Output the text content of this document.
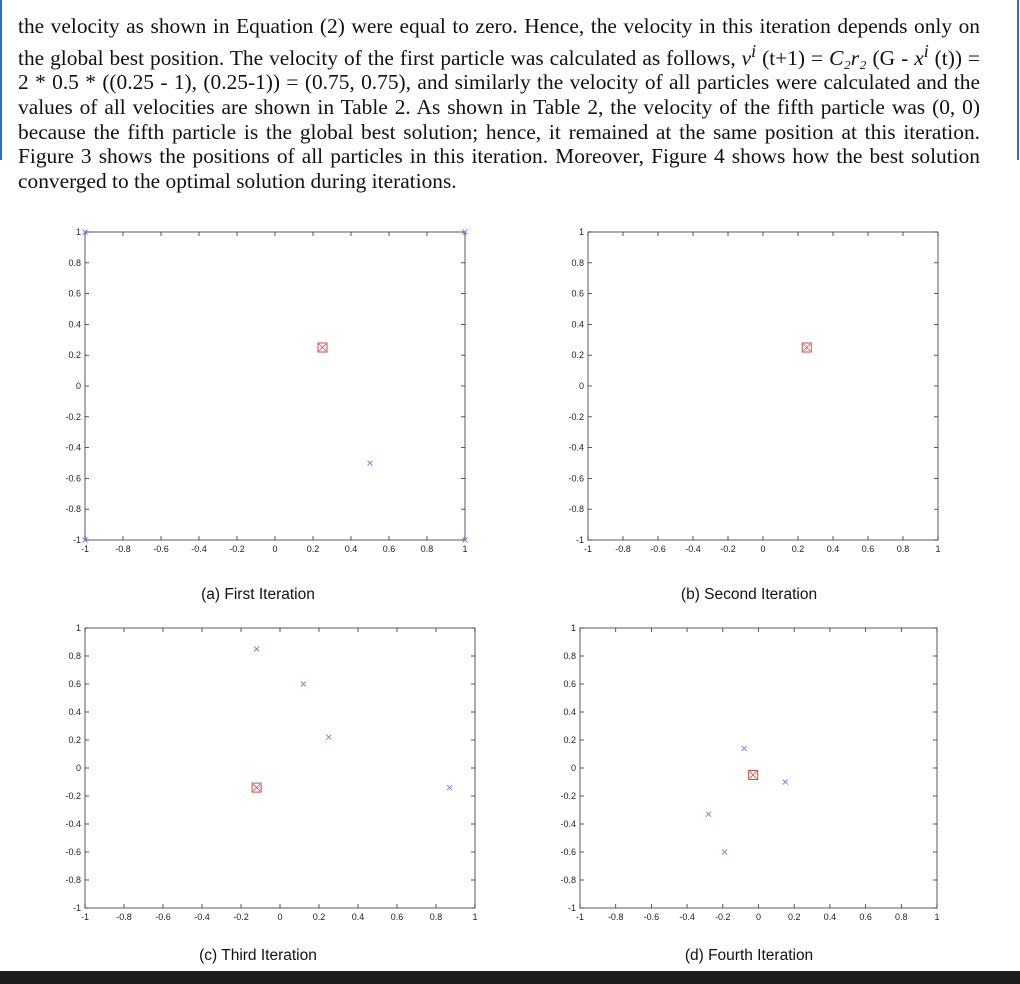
the velocity as shown in Equation (2) were equal to zero. Hence, the velocity in this iteration depends only on the global best position. The velocity of the first particle was calculated as follows, $v^i$ (t+1) = C₂r₂ ($G - x^i$ (t)) = 2 * 0.5 * ((0.25 - 1), (0.25-1)) = (0.75, 0.75), and similarly the velocity of all particles were calculated and the values of all velocities are shown in Table 2. As shown in Table 2, the velocity of the fifth particle was (0, 0) because the fifth particle is the global best solution; hence, it remained at the same position at this iteration. Figure 3 shows the positions of all particles in this iteration. Moreover, Figure 4 shows how the best solution converged to the optimal solution during iterations.
-1	-0.8 -0.6 -0.4 -0.2	0	0.2	0.4	0.6	0.8	1
-1
-0.8
-0.6
-0.4
-0.2
0
0.2
0.4
0.6
0.8
1
-1	-0.8 -0.6 -0.4 -0.2	0	0.2 0.4 0.6 0.8	1
-1
-0.8
-0.6
-0.4
-0.2
0
0.2
0.4
0.6
0.8
1
-1	-0.8	-0.6	-0.4	-0.2	0	0.2	0.4	0.6	0.8	1
-1
-0.8
-0.6
-0.4
-0.2
0
0.2
0.4
0.6
0.8
1
-1	-0.8 -0.6 -0.4 -0.2	0	0.2	0.4	0.6	0.8	1
-1
-0.8
-0.6
-0.4
-0.2
0
0.2
0.4
0.6
0.8
1
(a) First Iteration	(b) Second Iteration
(c) Third Iteration	(d) Fourth Iteration
